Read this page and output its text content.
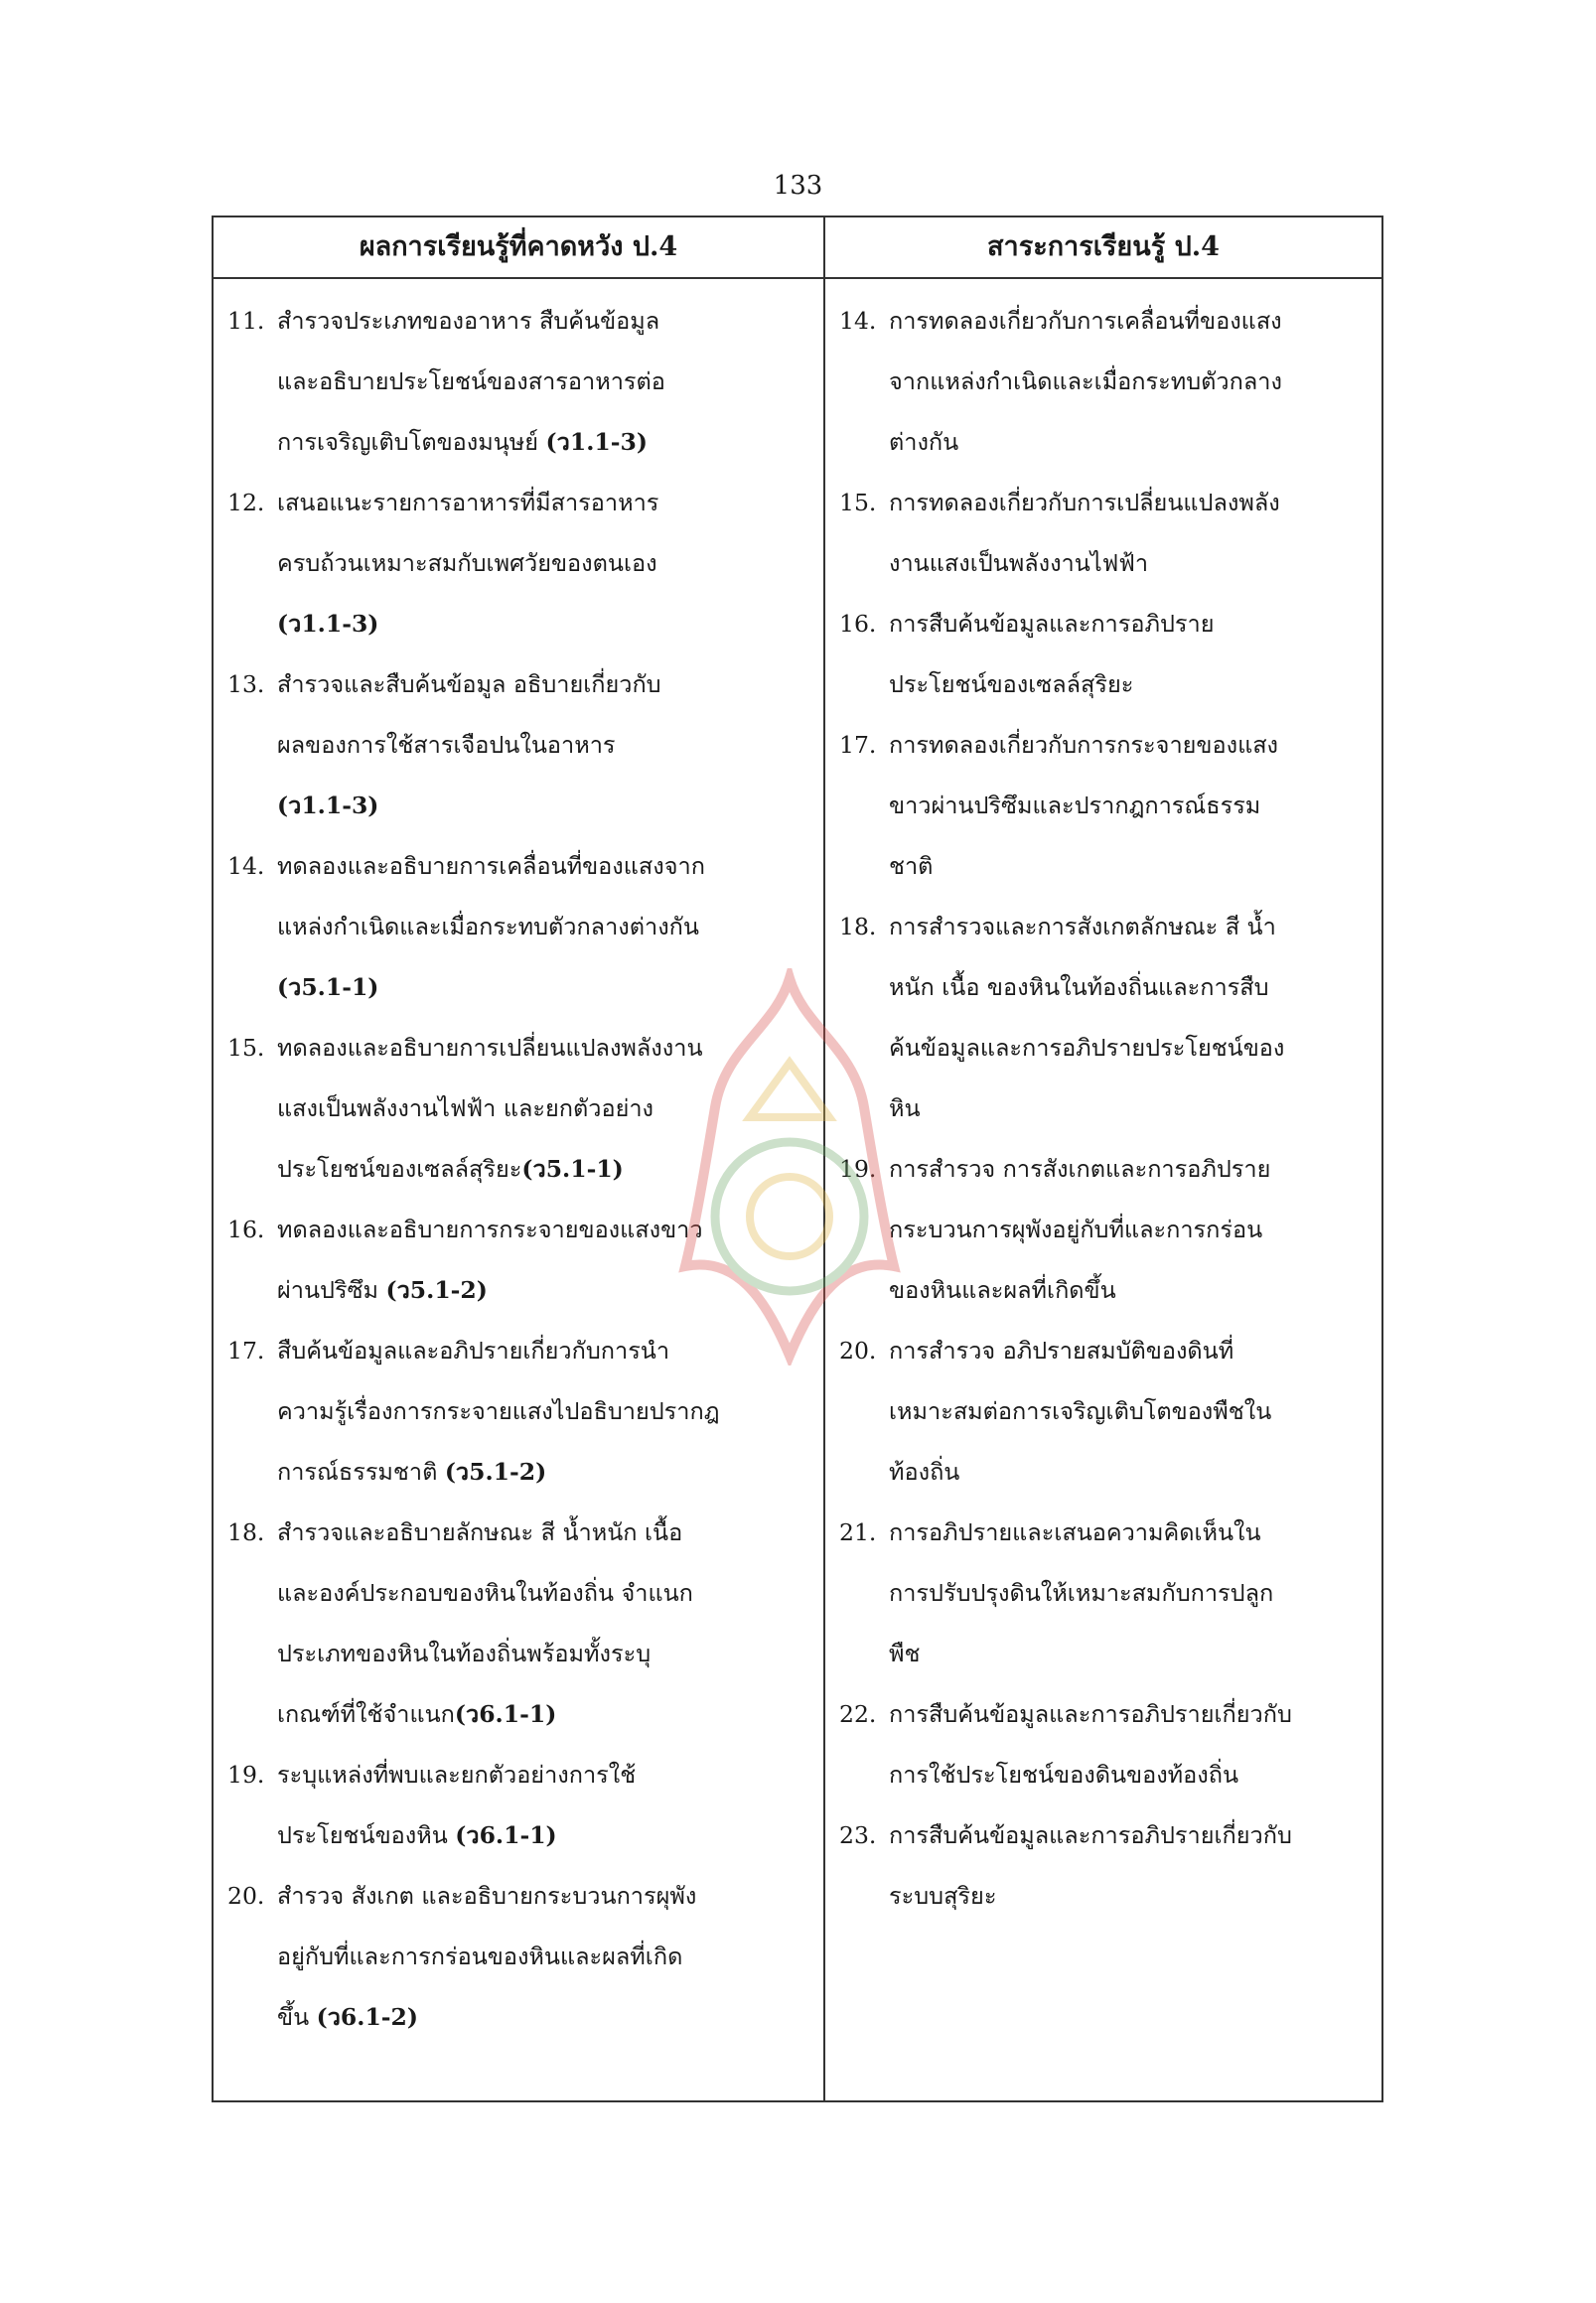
133
ผลการเรียนรู้ที่คาดหวัง ป.4	สาระการเรียนรู้ ป.4
11. สำรวจประเภทของอาหาร สืบค้นข้อมูล
และอธิบายประโยชน์ของสารอาหารต่อ
การเจริญเติบโตของมนุษย์ (ว1.1-3)
12. เสนอแนะรายการอาหารที่มีสารอาหาร
ครบถ้วนเหมาะสมกับเพศวัยของตนเอง
(ว1.1-3)
13. สำรวจและสืบค้นข้อมูล อธิบายเกี่ยวกับ
ผลของการใช้สารเจือปนในอาหาร
(ว1.1-3)
14. ทดลองและอธิบายการเคลื่อนที่ของแสงจาก
แหล่งกำเนิดและเมื่อกระทบตัวกลางต่างกัน
(ว5.1-1)
15. ทดลองและอธิบายการเปลี่ยนแปลงพลังงาน
แสงเป็นพลังงานไฟฟ้า และยกตัวอย่าง
ประโยชน์ของเซลล์สุริยะ(ว5.1-1)
16. ทดลองและอธิบายการกระจายของแสงขาว
ผ่านปริซึม (ว5.1-2)
17. สืบค้นข้อมูลและอภิปรายเกี่ยวกับการนำ
ความรู้เรื่องการกระจายแสงไปอธิบายปรากฎ
การณ์ธรรมชาติ (ว5.1-2)
18. สำรวจและอธิบายลักษณะ สี น้ำหนัก เนื้อ
และองค์ประกอบของหินในท้องถิ่น จำแนก
ประเภทของหินในท้องถิ่นพร้อมทั้งระบุ
เกณฑ์ที่ใช้จำแนก(ว6.1-1)
19. ระบุแหล่งที่พบและยกตัวอย่างการใช้
ประโยชน์ของหิน (ว6.1-1)
20. สำรวจ สังเกต และอธิบายกระบวนการผุพัง
อยู่กับที่และการกร่อนของหินและผลที่เกิด
ขึ้น (ว6.1-2)
14. การทดลองเกี่ยวกับการเคลื่อนที่ของแสง
จากแหล่งกำเนิดและเมื่อกระทบตัวกลาง
ต่างกัน
15. การทดลองเกี่ยวกับการเปลี่ยนแปลงพลัง
งานแสงเป็นพลังงานไฟฟ้า
16. การสืบค้นข้อมูลและการอภิปราย
ประโยชน์ของเซลล์สุริยะ
17. การทดลองเกี่ยวกับการกระจายของแสง
ขาวผ่านปริซึมและปรากฎการณ์ธรรม
ชาติ
18. การสำรวจและการสังเกตลักษณะ สี น้ำ
หนัก เนื้อ ของหินในท้องถิ่นและการสืบ
ค้นข้อมูลและการอภิปรายประโยชน์ของ
หิน
19. การสำรวจ การสังเกตและการอภิปราย
กระบวนการผุพังอยู่กับที่และการกร่อน
ของหินและผลที่เกิดขึ้น
20. การสำรวจ อภิปรายสมบัติของดินที่
เหมาะสมต่อการเจริญเติบโตของพืชใน
ท้องถิ่น
21. การอภิปรายและเสนอความคิดเห็นใน
การปรับปรุงดินให้เหมาะสมกับการปลูก
พืช
22. การสืบค้นข้อมูลและการอภิปรายเกี่ยวกับ
การใช้ประโยชน์ของดินของท้องถิ่น
23. การสืบค้นข้อมูลและการอภิปรายเกี่ยวกับ
ระบบสุริยะ
